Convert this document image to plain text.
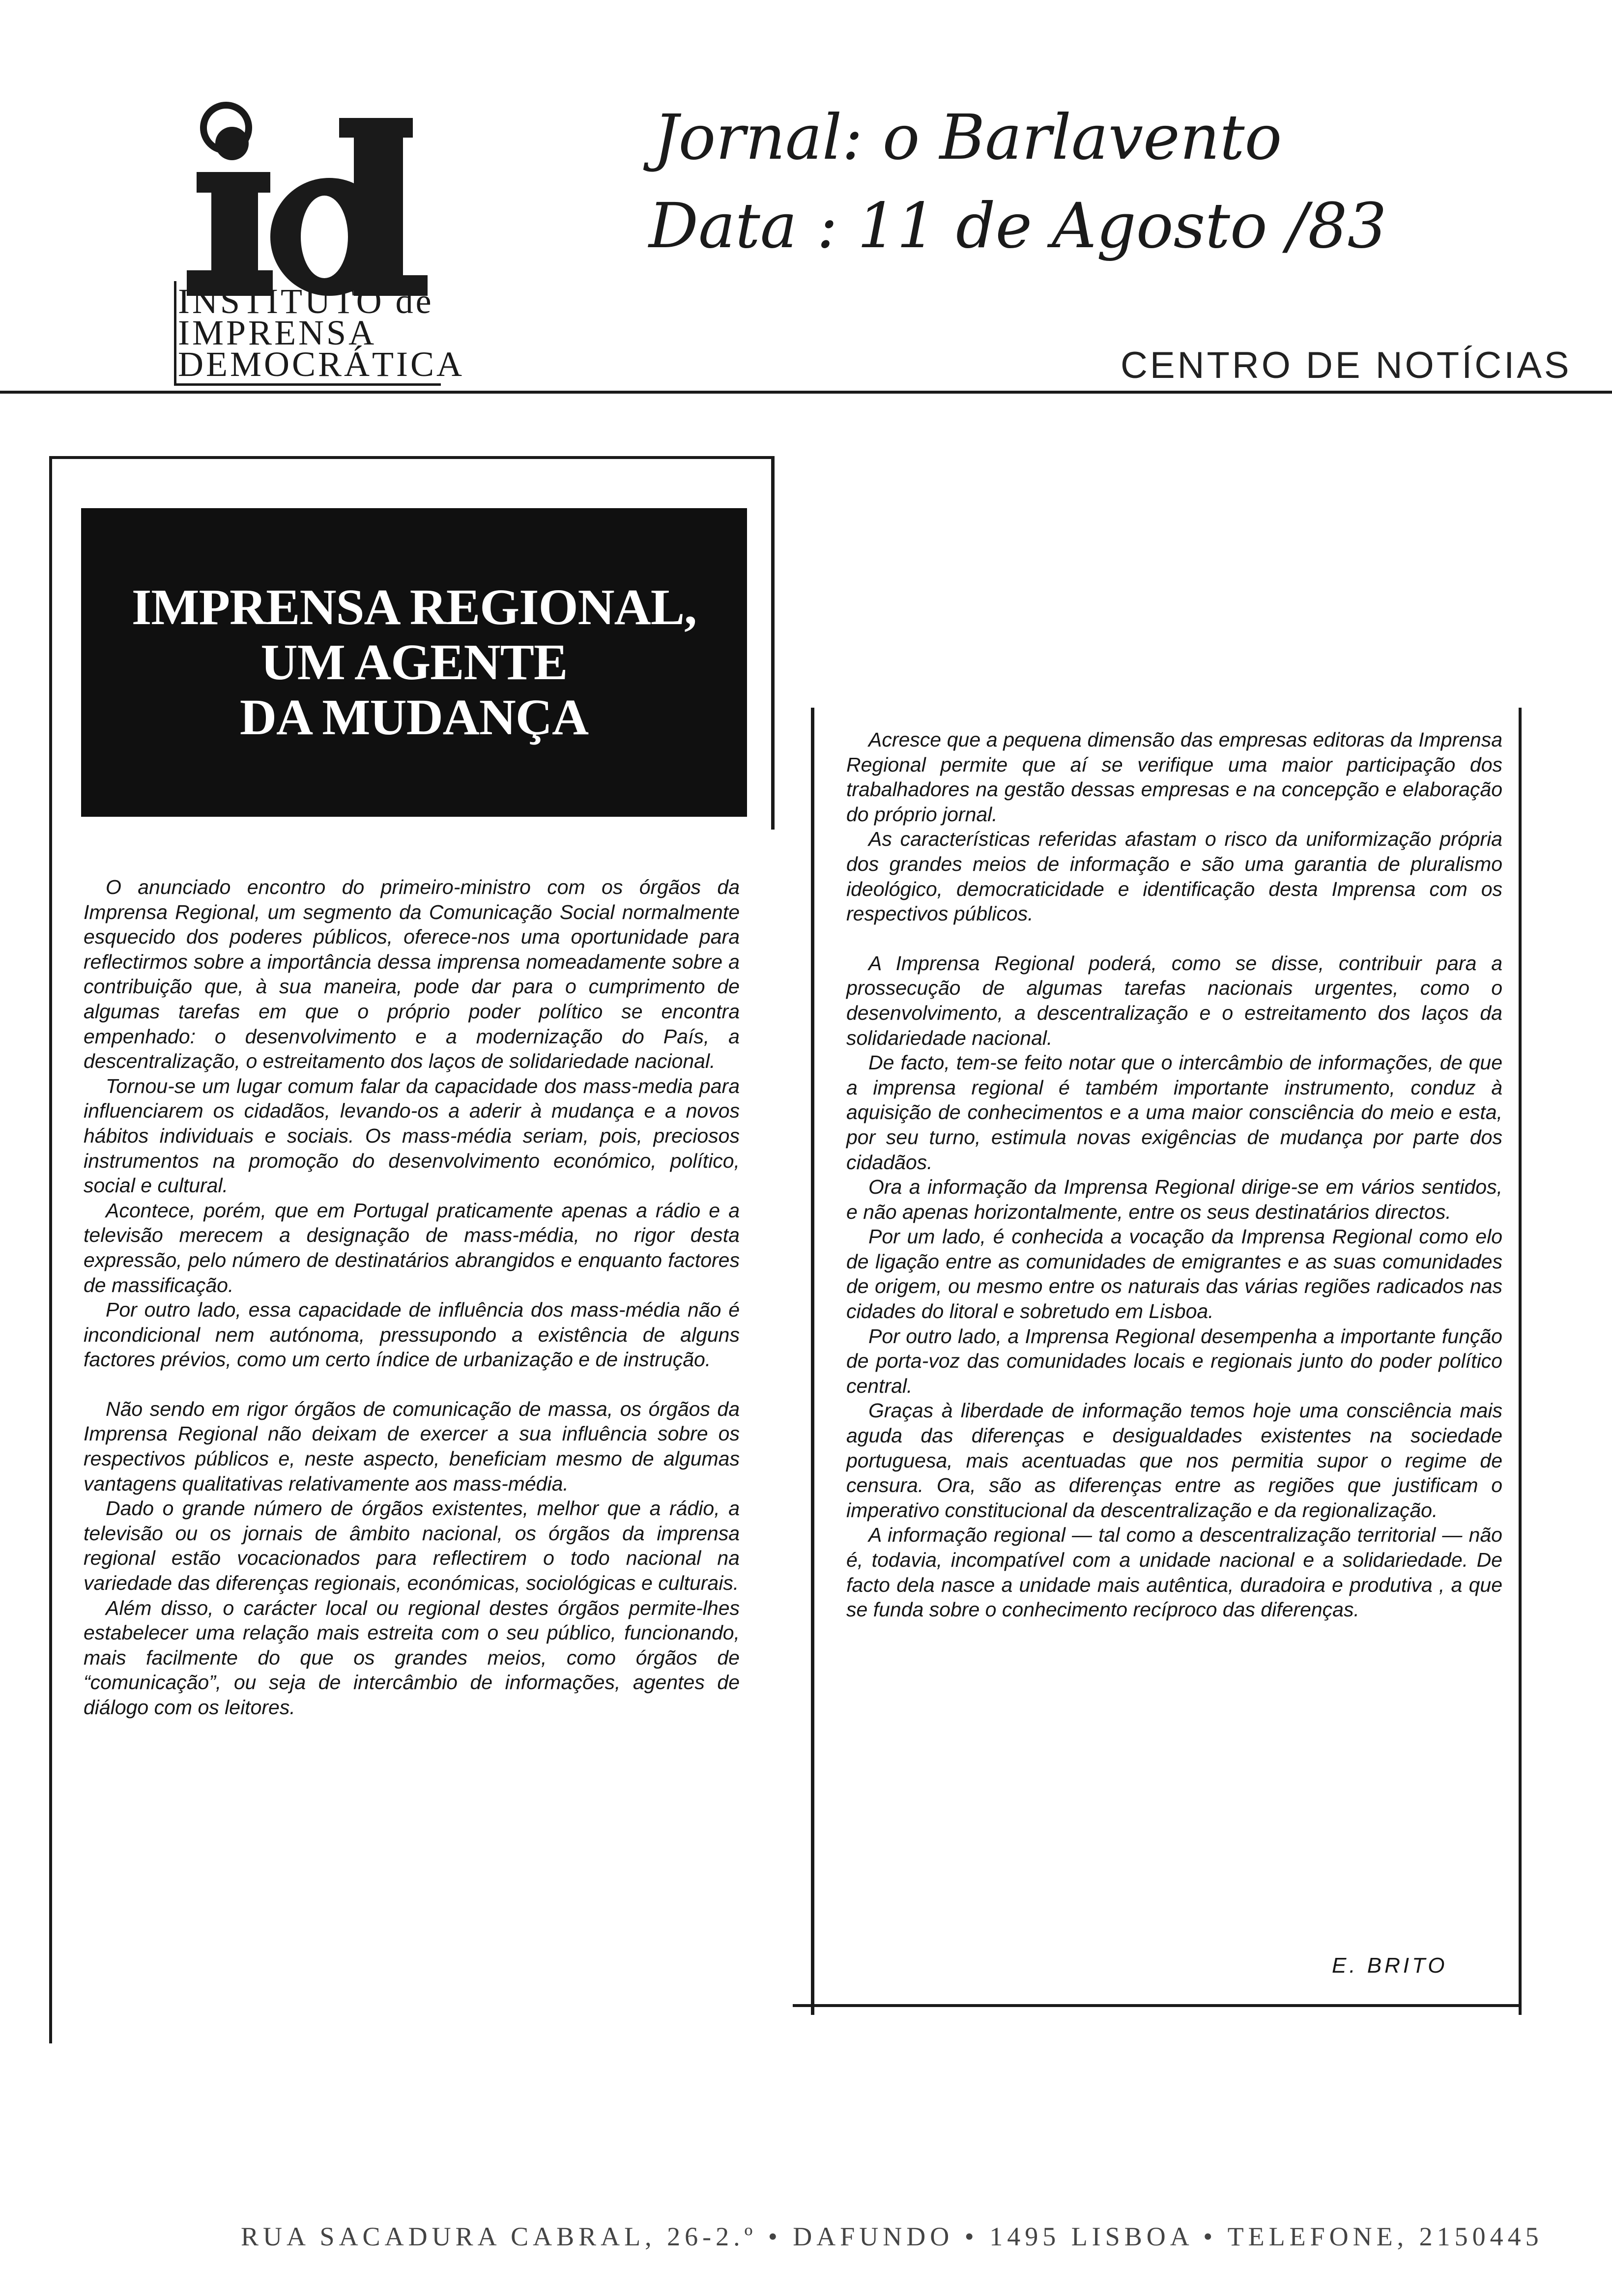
INSTITUTO de
IMPRENSA
DEMOCRÁTICA
Jornal: o Barlavento
Data : 11 de Agosto /83
CENTRO DE NOTÍCIAS
IMPRENSA REGIONAL,
UM AGENTE
DA MUDANÇA

O anunciado encontro do primeiro-ministro com os órgãos da Imprensa Regional, um segmento da Comunicação Social normalmente esquecido dos poderes públicos, oferece-nos uma oportunidade para reflectirmos sobre a importância dessa imprensa nomeadamente sobre a contribuição que, à sua maneira, pode dar para o cumprimento de algumas tarefas em que o próprio poder político se encontra empenhado: o desenvolvimento e a modernização do País, a descentralização, o estreitamento dos laços de solidariedade nacional.

Tornou-se um lugar comum falar da capacidade dos mass-media para influenciarem os cidadãos, levando-os a aderir à mudança e a novos hábitos individuais e sociais. Os mass-média seriam, pois, preciosos instrumentos na promoção do desenvolvimento económico, político, social e cultural.

Acontece, porém, que em Portugal praticamente apenas a rádio e a televisão merecem a designação de mass-média, no rigor desta expressão, pelo número de destinatários abrangidos e enquanto factores de massificação.

Por outro lado, essa capacidade de influência dos mass-média não é incondicional nem autónoma, pressupondo a existência de alguns factores prévios, como um certo índice de urbanização e de instrução.

Não sendo em rigor órgãos de comunicação de massa, os órgãos da Imprensa Regional não deixam de exercer a sua influência sobre os respectivos públicos e, neste aspecto, beneficiam mesmo de algumas vantagens qualitativas relativamente aos mass-média.

Dado o grande número de órgãos existentes, melhor que a rádio, a televisão ou os jornais de âmbito nacional, os órgãos da imprensa regional estão vocacionados para reflectirem o todo nacional na variedade das diferenças regionais, económicas, sociológicas e culturais.

Além disso, o carácter local ou regional destes órgãos permite-lhes estabelecer uma relação mais estreita com o seu público, funcionando, mais facilmente do que os grandes meios, como órgãos de “comunicação”, ou seja de intercâmbio de informações, agentes de diálogo com os leitores.

Acresce que a pequena dimensão das empresas editoras da Imprensa Regional permite que aí se verifique uma maior participação dos trabalhadores na gestão dessas empresas e na concepção e elaboração do próprio jornal.

As características referidas afastam o risco da uniformização própria dos grandes meios de informação e são uma garantia de pluralismo ideológico, democraticidade e identificação desta Imprensa com os respectivos públicos.

A Imprensa Regional poderá, como se disse, contribuir para a prossecução de algumas tarefas nacionais urgentes, como o desenvolvimento, a descentralização e o estreitamento dos laços da solidariedade nacional.

De facto, tem-se feito notar que o intercâmbio de informações, de que a imprensa regional é também importante instrumento, conduz à aquisição de conhecimentos e a uma maior consciência do meio e esta, por seu turno, estimula novas exigências de mudança por parte dos cidadãos.

Ora a informação da Imprensa Regional dirige-se em vários sentidos, e não apenas horizontalmente, entre os seus destinatários directos.

Por um lado, é conhecida a vocação da Imprensa Regional como elo de ligação entre as comunidades de emigrantes e as suas comunidades de origem, ou mesmo entre os naturais das várias regiões radicados nas cidades do litoral e sobretudo em Lisboa.

Por outro lado, a Imprensa Regional desempenha a importante função de porta-voz das comunidades locais e regionais junto do poder político central.

Graças à liberdade de informação temos hoje uma consciência mais aguda das diferenças e desigualdades existentes na sociedade portuguesa, mais acentuadas que nos permitia supor o regime de censura. Ora, são as diferenças entre as regiões que justificam o imperativo constitucional da descentralização e da regionalização.

A informação regional — tal como a descentralização territorial — não é, todavia, incompatível com a unidade nacional e a solidariedade. De facto dela nasce a unidade mais autêntica, duradoira e produtiva , a que se funda sobre o conhecimento recíproco das diferenças.

E. BRITO
RUA SACADURA CABRAL, 26-2.º • DAFUNDO • 1495 LISBOA • TELEFONE, 2150445
